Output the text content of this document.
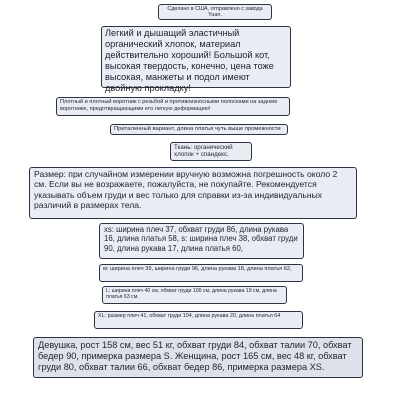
Сделано в США, отправлено с завода Yuan.
Легкий и дышащий эластичный органический хлопок, материал действительно хороший! Большой кот, высокая твердость, конечно, цена тоже высокая, манжеты и подол имеют двойную прокладку!
Плотный и плотный воротник с резьбой и противоизносными полосками на заднем воротнике, предотвращающими его легкую деформацию!
Приталенный вариант, длина платья чуть выше промежности
Ткань: органический хлопок + спандекс.
Размер: при случайном измерении вручную возможна погрешность около 2 см. Если вы не возражаете, пожалуйста, не покупайте. Рекомендуется указывать объем груди и вес только для справки из-за индивидуальных различий в размерах тела.
xs: ширина плеч 37, обхват груди 86, длина рукава 16, длина платья 58, s: ширина плеч 38, обхват груди 90, длина рукава 17, длина платья 60,
м: ширина плеч 39, ширина груди 96, длина рукава 18, длина платья 62,
L: ширина плеч 40 см, обхват груди 100 см, длина рукава 19 см, длина платья 63 см.
XL: размер плеч 41, обхват груди 104, длина рукава 20, длина платья 64
Девушка, рост 158 см, вес 51 кг, обхват груди 84, обхват талии 70, обхват бедер 90, примерка размера S. Женщина, рост 165 см, вес 48 кг, обхват груди 80, обхват талии 66, обхват бедер 86, примерка размера XS.
